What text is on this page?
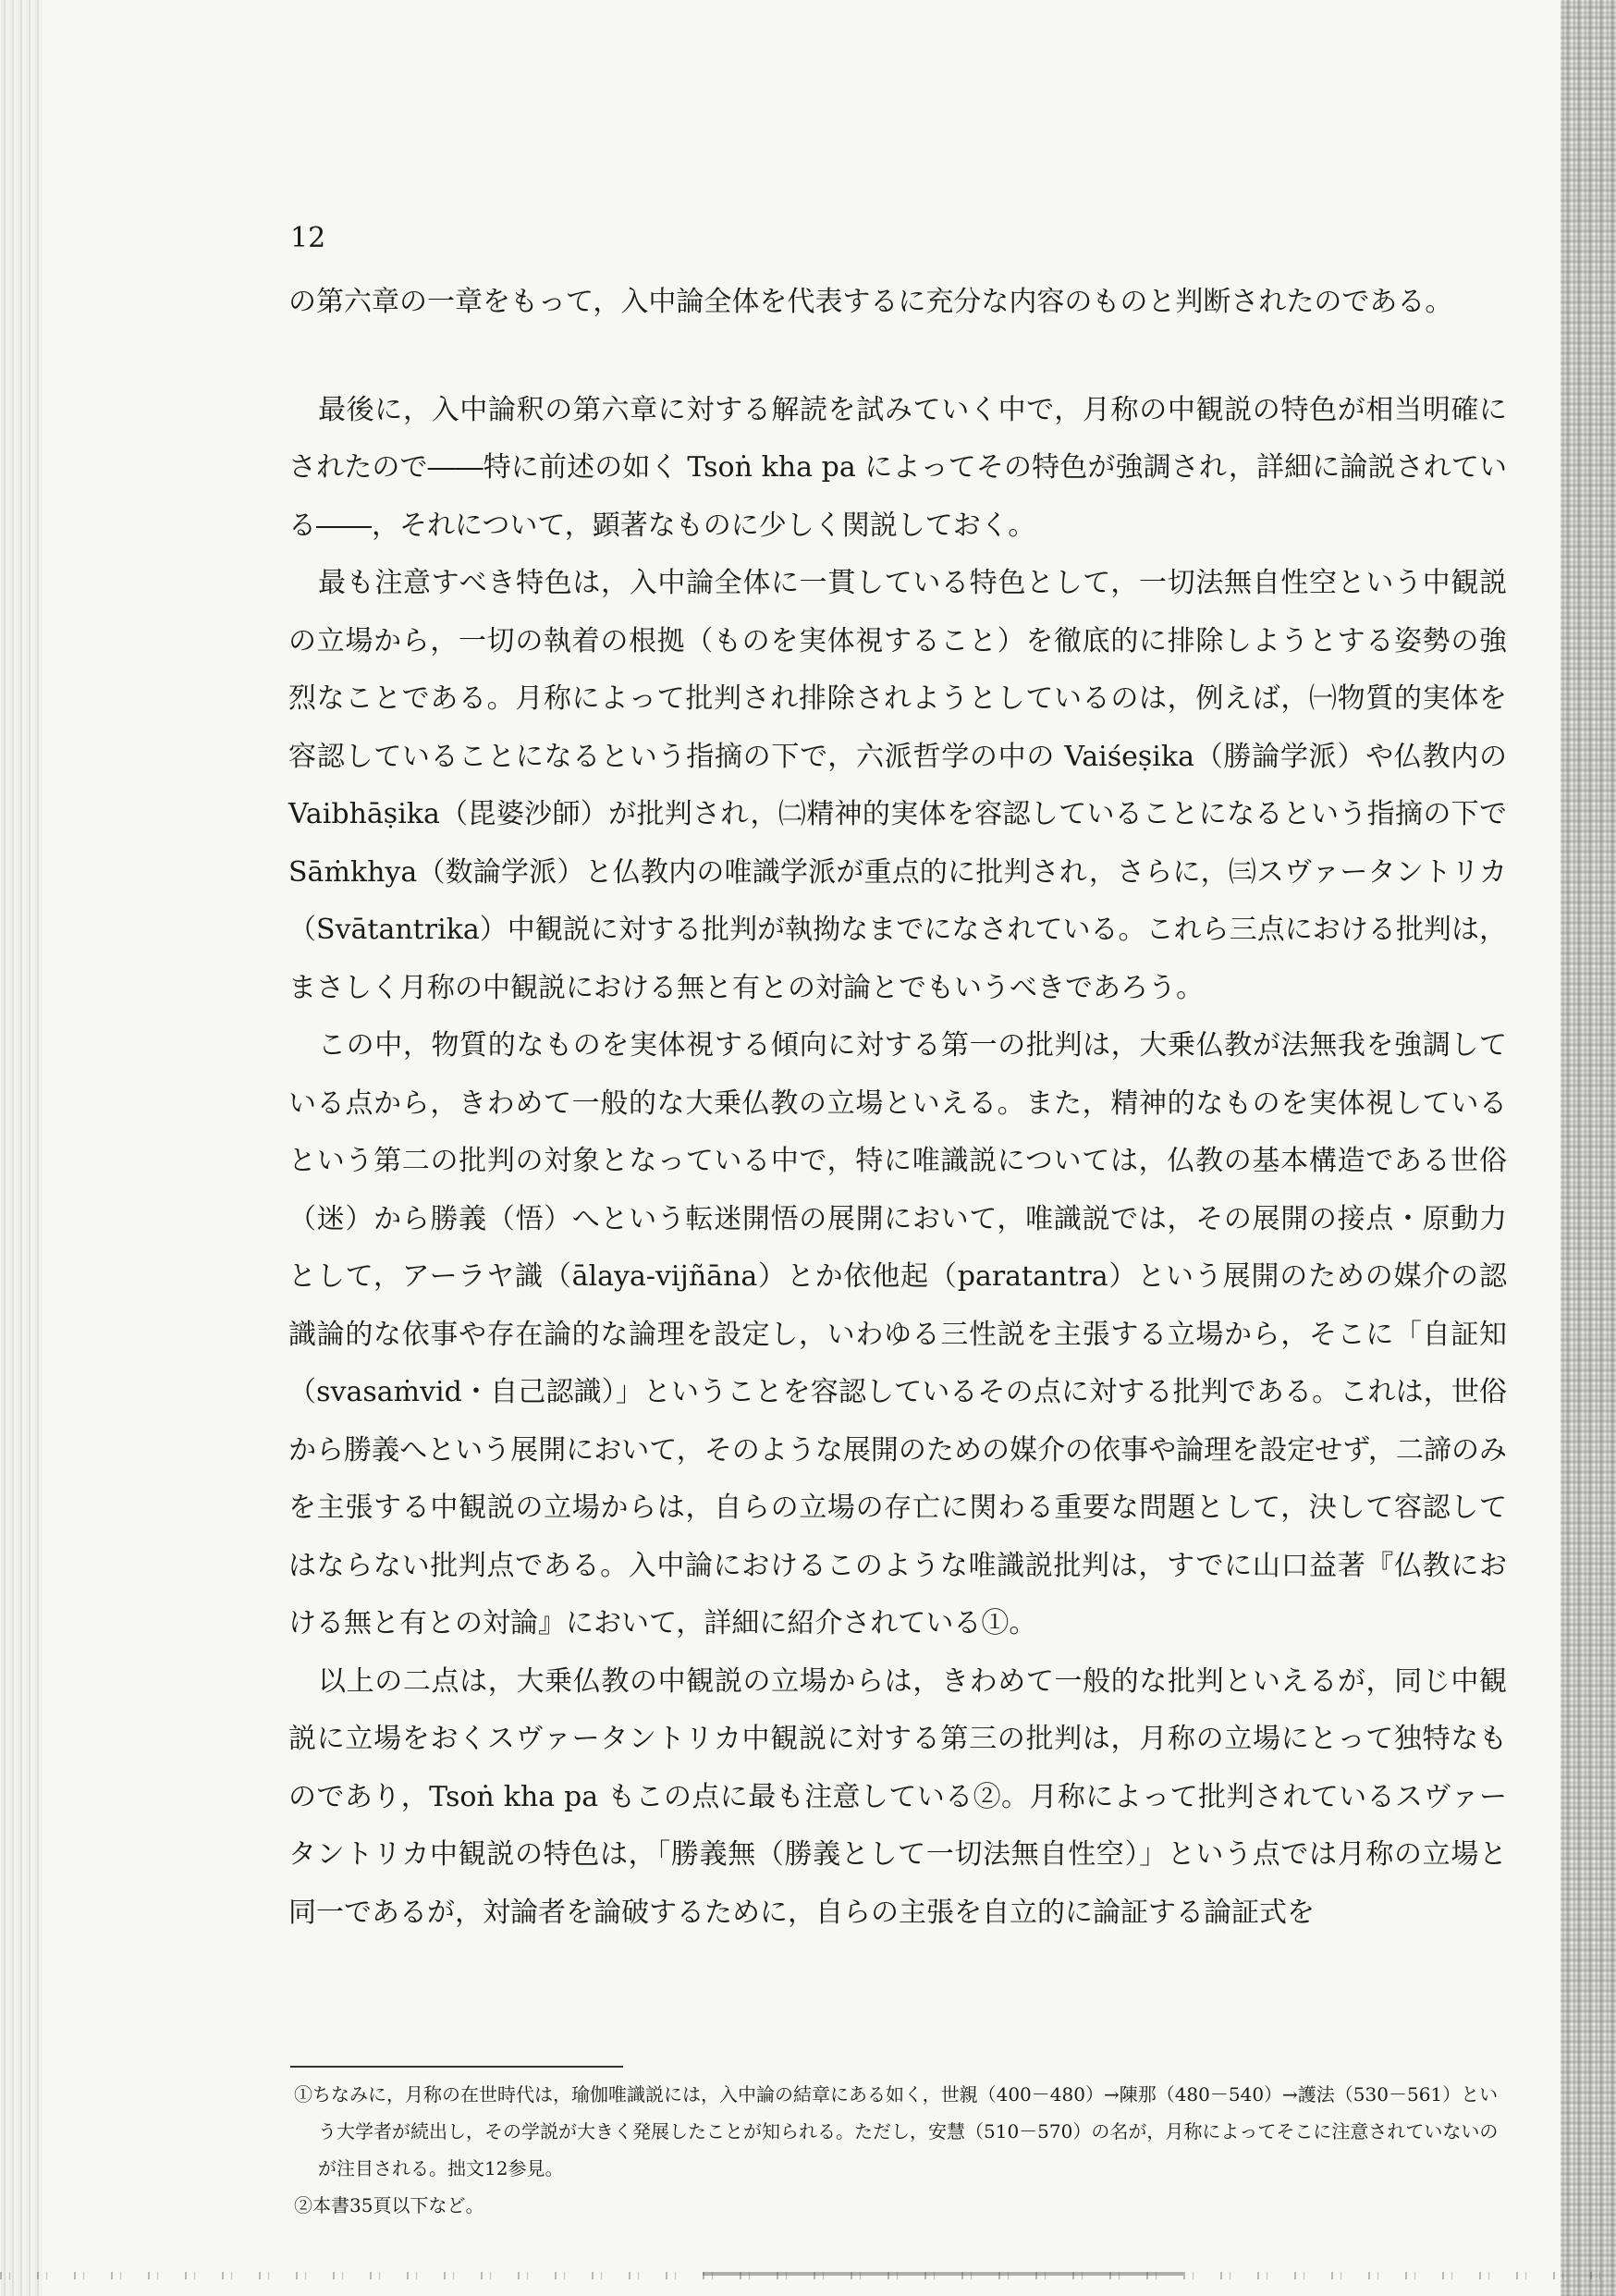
12

の第六章の一章をもって，入中論全体を代表するに充分な内容のものと判断されたのである。

最後に，入中論釈の第六章に対する解読を試みていく中で，月称の中観説の特色が相当明確にされたので――特に前述の如く Tsoṅ kha pa によってその特色が強調され，詳細に論説されている――，それについて，顕著なものに少しく関説しておく。

最も注意すべき特色は，入中論全体に一貫している特色として，一切法無自性空という中観説の立場から，一切の執着の根拠（ものを実体視すること）を徹底的に排除しようとする姿勢の強烈なことである。月称によって批判され排除されようとしているのは，例えば，㈠物質的実体を容認していることになるという指摘の下で，六派哲学の中の Vaiśeṣika（勝論学派）や仏教内の Vaibhāṣika（毘婆沙師）が批判され，㈡精神的実体を容認していることになるという指摘の下で Sāṁkhya（数論学派）と仏教内の唯識学派が重点的に批判され，さらに，㈢スヴァータントリカ（Svātantrika）中観説に対する批判が執拗なまでになされている。これら三点における批判は，まさしく月称の中観説における無と有との対論とでもいうべきであろう。

この中，物質的なものを実体視する傾向に対する第一の批判は，大乗仏教が法無我を強調している点から，きわめて一般的な大乗仏教の立場といえる。また，精神的なものを実体視しているという第二の批判の対象となっている中で，特に唯識説については，仏教の基本構造である世俗（迷）から勝義（悟）へという転迷開悟の展開において，唯識説では，その展開の接点・原動力として，アーラヤ識（ālaya-vijñāna）とか依他起（paratantra）という展開のための媒介の認識論的な依事や存在論的な論理を設定し，いわゆる三性説を主張する立場から，そこに「自証知（svasaṁvid・自己認識）」ということを容認しているその点に対する批判である。これは，世俗から勝義へという展開において，そのような展開のための媒介の依事や論理を設定せず，二諦のみを主張する中観説の立場からは，自らの立場の存亡に関わる重要な問題として，決して容認してはならない批判点である。入中論におけるこのような唯識説批判は，すでに山口益著『仏教における無と有との対論』において，詳細に紹介されている①。

以上の二点は，大乗仏教の中観説の立場からは，きわめて一般的な批判といえるが，同じ中観説に立場をおくスヴァータントリカ中観説に対する第三の批判は，月称の立場にとって独特なものであり，Tsoṅ kha pa もこの点に最も注意している②。月称によって批判されているスヴァータントリカ中観説の特色は，「勝義無（勝義として一切法無自性空）」という点では月称の立場と同一であるが，対論者を論破するために，自らの主張を自立的に論証する論証式を

①ちなみに，月称の在世時代は，瑜伽唯識説には，入中論の結章にある如く，世親（400－480）→陳那（480－540）→護法（530－561）という大学者が続出し，その学説が大きく発展したことが知られる。ただし，安慧（510－570）の名が，月称によってそこに注意されていないのが注目される。拙文12参見。

②本書35頁以下など。
